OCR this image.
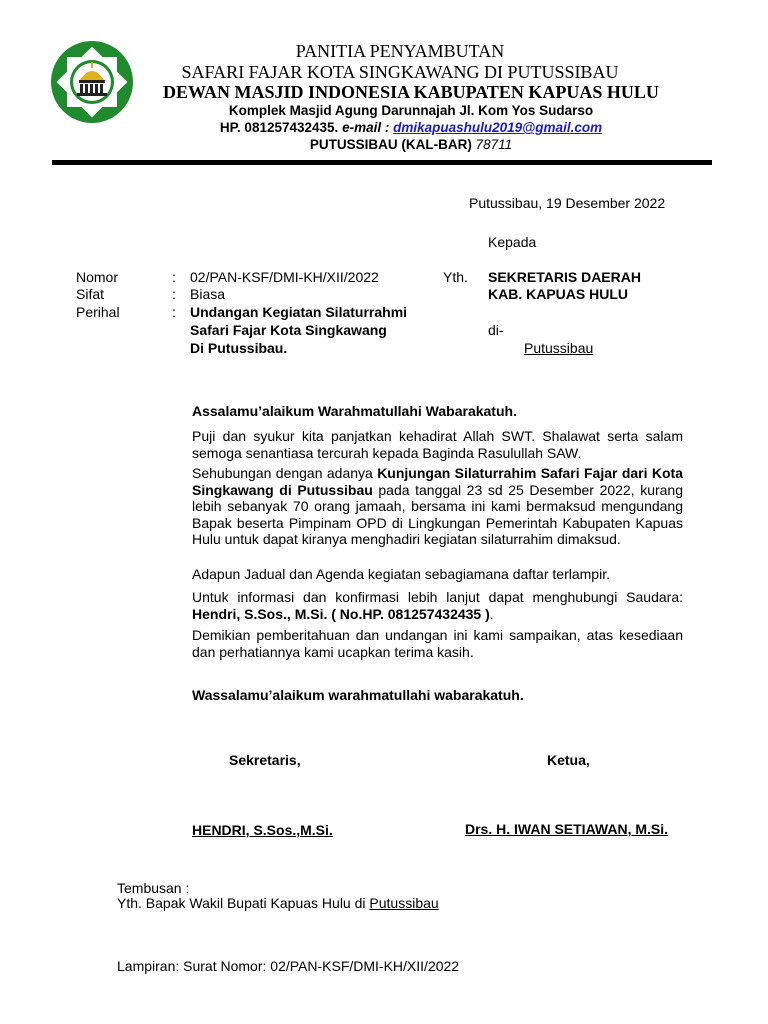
PANITIA PENYAMBUTAN
SAFARI FAJAR KOTA SINGKAWANG DI PUTUSSIBAU
DEWAN MASJID INDONESIA KABUPATEN KAPUAS HULU
Komplek Masjid Agung Darunnajah Jl. Kom Yos Sudarso
HP. 081257432435. e-mail : dmikapuashulu2019@gmail.com
PUTUSSIBAU (KAL-BAR) 78711
Putussibau, 19 Desember 2022
Kepada
Nomor
Sifat
Perihal
:
:
:
02/PAN-KSF/DMI-KH/XII/2022
Biasa
Undangan Kegiatan Silaturrahmi
Safari Fajar Kota Singkawang
Di Putussibau.
Yth. SEKRETARIS DAERAH
KAB. KAPUAS HULU
di-
Putussibau
Assalamu’alaikum Warahmatullahi Wabarakatuh.
Puji dan syukur kita panjatkan kehadirat Allah SWT. Shalawat serta salam semoga senantiasa tercurah kepada Baginda Rasulullah SAW.
Sehubungan dengan adanya Kunjungan Silaturrahim Safari Fajar dari Kota Singkawang di Putussibau pada tanggal 23 sd 25 Desember 2022, kurang lebih sebanyak 70 orang jamaah, bersama ini kami bermaksud mengundang Bapak beserta Pimpinam OPD di Lingkungan Pemerintah Kabupaten Kapuas Hulu untuk dapat kiranya menghadiri kegiatan silaturrahim dimaksud.
Adapun Jadual dan Agenda kegiatan sebagiamana daftar terlampir.
Untuk informasi dan konfirmasi lebih lanjut dapat menghubungi Saudara: Hendri, S.Sos., M.Si. ( No.HP. 081257432435 ).
Demikian pemberitahuan dan undangan ini kami sampaikan, atas kesediaan dan perhatiannya kami ucapkan terima kasih.
Wassalamu’alaikum warahmatullahi wabarakatuh.
Sekretaris,	Ketua,
HENDRI, S.Sos.,M.Si.	Drs. H. IWAN SETIAWAN, M.Si.
Tembusan :
Yth. Bapak Wakil Bupati Kapuas Hulu di Putussibau
Lampiran: Surat Nomor: 02/PAN-KSF/DMI-KH/XII/2022
